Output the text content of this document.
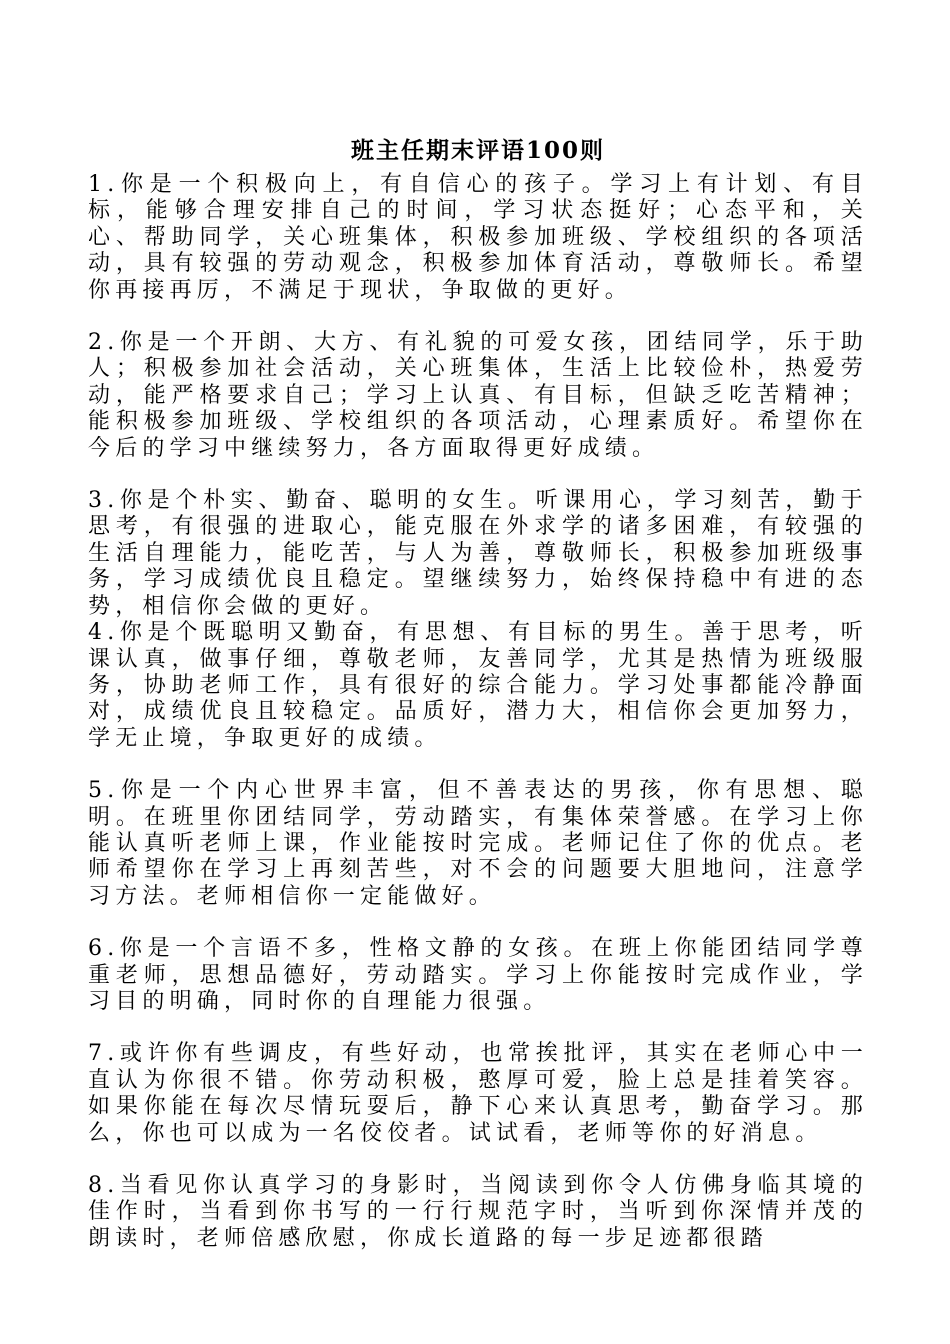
班主任期末评语100则
1.你是一个积极向上，有自信心的孩子。学习上有计划、有目标，能够合理安排自己的时间，学习状态挺好；心态平和，关心、帮助同学，关心班集体，积极参加班级、学校组织的各项活动，具有较强的劳动观念，积极参加体育活动，尊敬师长。希望你再接再厉，不满足于现状，争取做的更好。
2.你是一个开朗、大方、有礼貌的可爱女孩，团结同学，乐于助人；积极参加社会活动，关心班集体，生活上比较俭朴，热爱劳动，能严格要求自己；学习上认真、有目标，但缺乏吃苦精神；能积极参加班级、学校组织的各项活动，心理素质好。希望你在今后的学习中继续努力，各方面取得更好成绩。
3.你是个朴实、勤奋、聪明的女生。听课用心，学习刻苦，勤于思考，有很强的进取心，能克服在外求学的诸多困难，有较强的生活自理能力，能吃苦，与人为善，尊敬师长，积极参加班级事务，学习成绩优良且稳定。望继续努力，始终保持稳中有进的态势，相信你会做的更好。
4.你是个既聪明又勤奋，有思想、有目标的男生。善于思考，听课认真，做事仔细，尊敬老师，友善同学，尤其是热情为班级服务，协助老师工作，具有很好的综合能力。学习处事都能冷静面对，成绩优良且较稳定。品质好，潜力大，相信你会更加努力，学无止境，争取更好的成绩。
5.你是一个内心世界丰富，但不善表达的男孩，你有思想、聪明。在班里你团结同学，劳动踏实，有集体荣誉感。在学习上你能认真听老师上课，作业能按时完成。老师记住了你的优点。老师希望你在学习上再刻苦些，对不会的问题要大胆地问，注意学习方法。老师相信你一定能做好。
6.你是一个言语不多，性格文静的女孩。在班上你能团结同学尊重老师，思想品德好，劳动踏实。学习上你能按时完成作业，学习目的明确，同时你的自理能力很强。
7.或许你有些调皮，有些好动，也常挨批评，其实在老师心中一直认为你很不错。你劳动积极，憨厚可爱，脸上总是挂着笑容。如果你能在每次尽情玩耍后，静下心来认真思考，勤奋学习。那么，你也可以成为一名佼佼者。试试看，老师等你的好消息。
8.当看见你认真学习的身影时，当阅读到你令人仿佛身临其境的佳作时，当看到你书写的一行行规范字时，当听到你深情并茂的朗读时，老师倍感欣慰，你成长道路的每一步足迹都很踏
